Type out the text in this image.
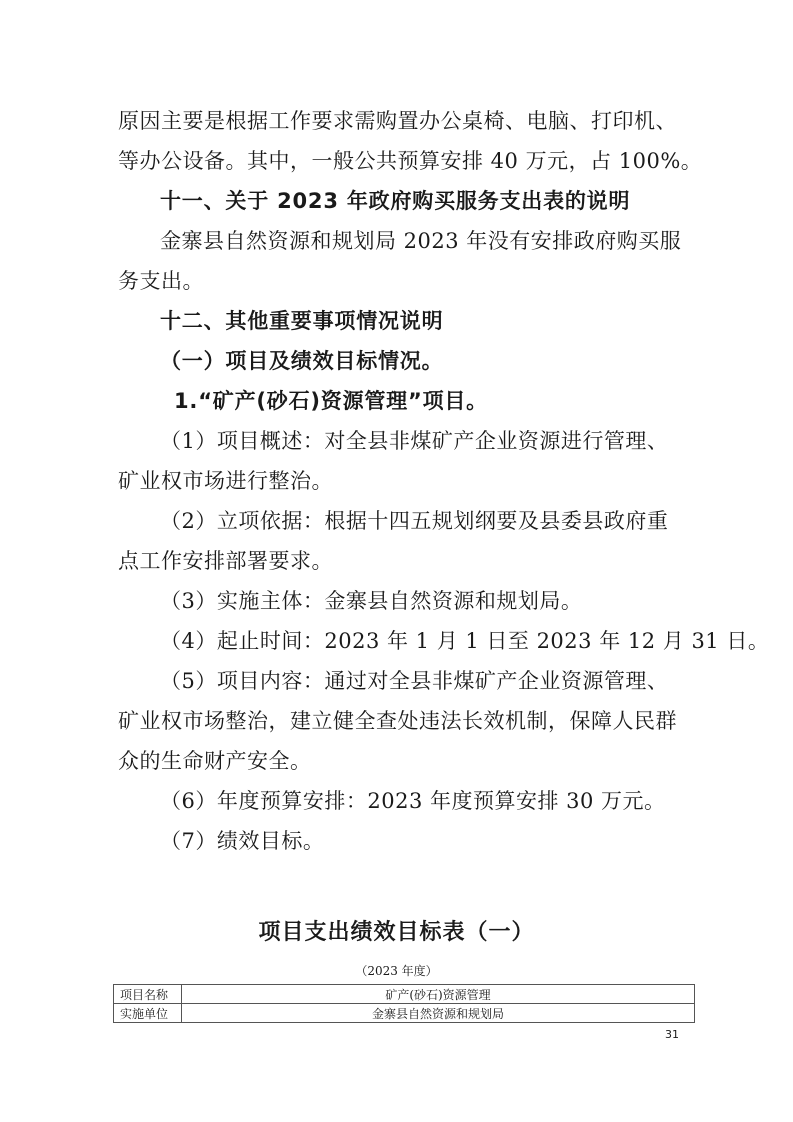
原因主要是根据工作要求需购置办公桌椅、电脑、打印机、
等办公设备。其中，一般公共预算安排 40 万元，占 100%。
十一、关于 2023 年政府购买服务支出表的说明
金寨县自然资源和规划局 2023 年没有安排政府购买服
务支出。
十二、其他重要事项情况说明
（一）项目及绩效目标情况。
1.“矿产(砂石)资源管理”项目。
（1）项目概述：对全县非煤矿产企业资源进行管理、
矿业权市场进行整治。
（2）立项依据：根据十四五规划纲要及县委县政府重
点工作安排部署要求。
（3）实施主体：金寨县自然资源和规划局。
（4）起止时间：2023 年 1 月 1 日至 2023 年 12 月 31 日。
（5）项目内容：通过对全县非煤矿产企业资源管理、
矿业权市场整治，建立健全查处违法长效机制，保障人民群
众的生命财产安全。
（6）年度预算安排：2023 年度预算安排 30 万元。
（7）绩效目标。
项目支出绩效目标表（一）
（2023 年度）
项目名称	矿产(砂石)资源管理
实施单位	金寨县自然资源和规划局
31
